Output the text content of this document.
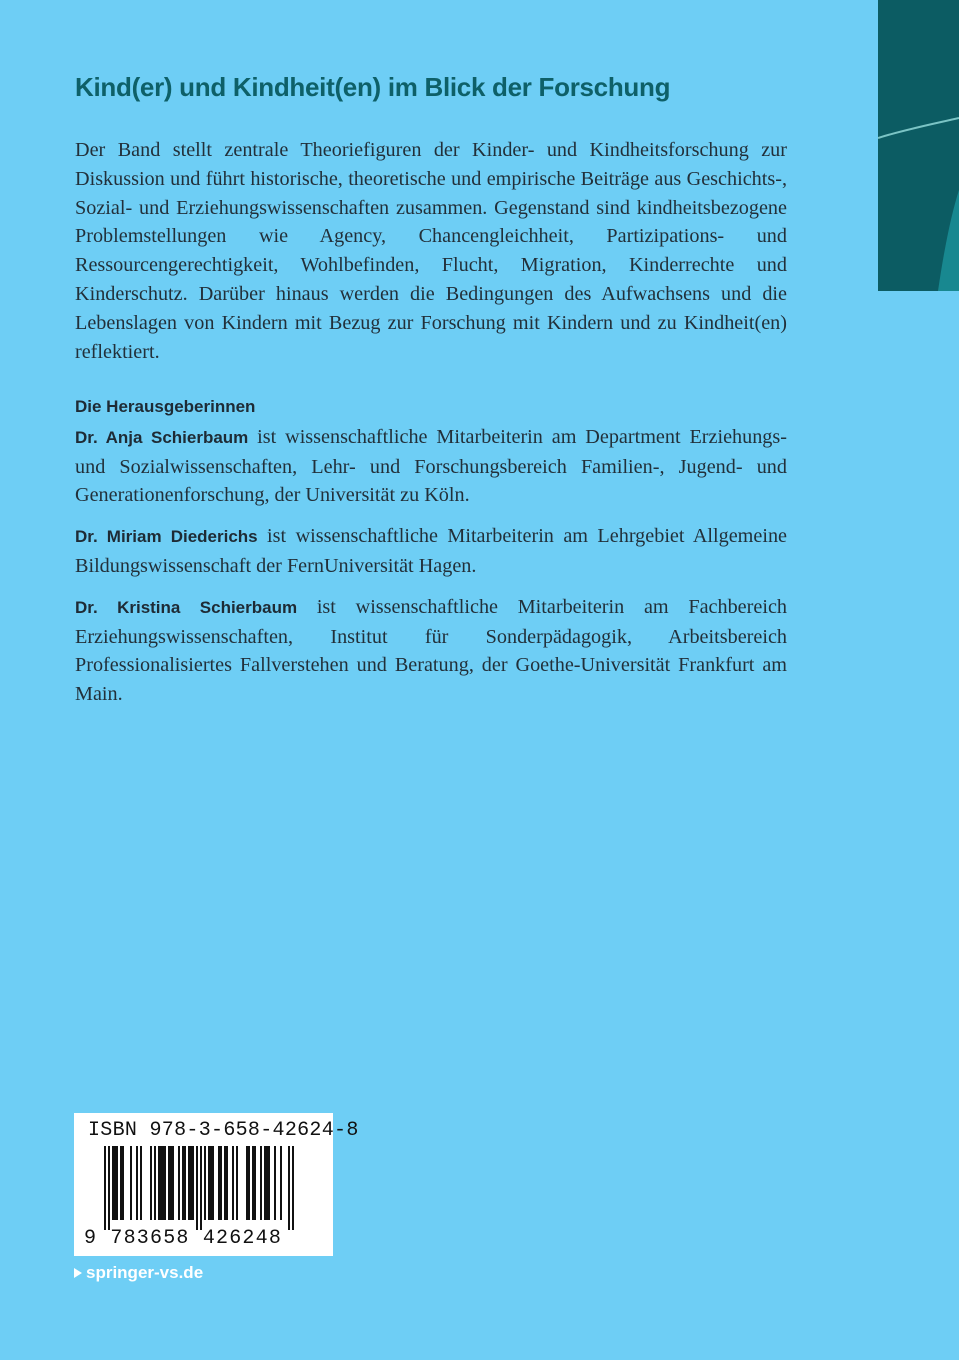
Kind(er) und Kindheit(en) im Blick der Forschung

Der Band stellt zentrale Theoriefiguren der Kinder- und Kindheitsforschung zur Diskussion und führt historische, theoretische und empirische Beiträge aus Geschichts-, Sozial- und Erziehungswissenschaften zusammen. Gegenstand sind kindheitsbezogene Problemstellungen wie Agency, Chancengleichheit, Partizipations- und Ressourcengerechtigkeit, Wohlbefinden, Flucht, Migration, Kinderrechte und Kinderschutz. Darüber hinaus werden die Bedingungen des Aufwachsens und die Lebenslagen von Kindern mit Bezug zur Forschung mit Kindern und zu Kindheit(en) reflektiert.

Die Herausgeberinnen

Dr. Anja Schierbaum ist wissenschaftliche Mitarbeiterin am Department Erziehungs- und Sozialwissenschaften, Lehr- und Forschungsbereich Familien-, Jugend- und Generationenforschung, der Universität zu Köln.

Dr. Miriam Diederichs ist wissenschaftliche Mitarbeiterin am Lehrgebiet Allgemeine Bildungswissenschaft der FernUniversität Hagen.

Dr. Kristina Schierbaum ist wissenschaftliche Mitarbeiterin am Fachbereich Erziehungswissenschaften, Institut für Sonderpädagogik, Arbeitsbereich Professionalisiertes Fallverstehen und Beratung, der Goethe-Universität Frankfurt am Main.

ISBN 978-3-658-42624-8
9 783658 426248
springer-vs.de
